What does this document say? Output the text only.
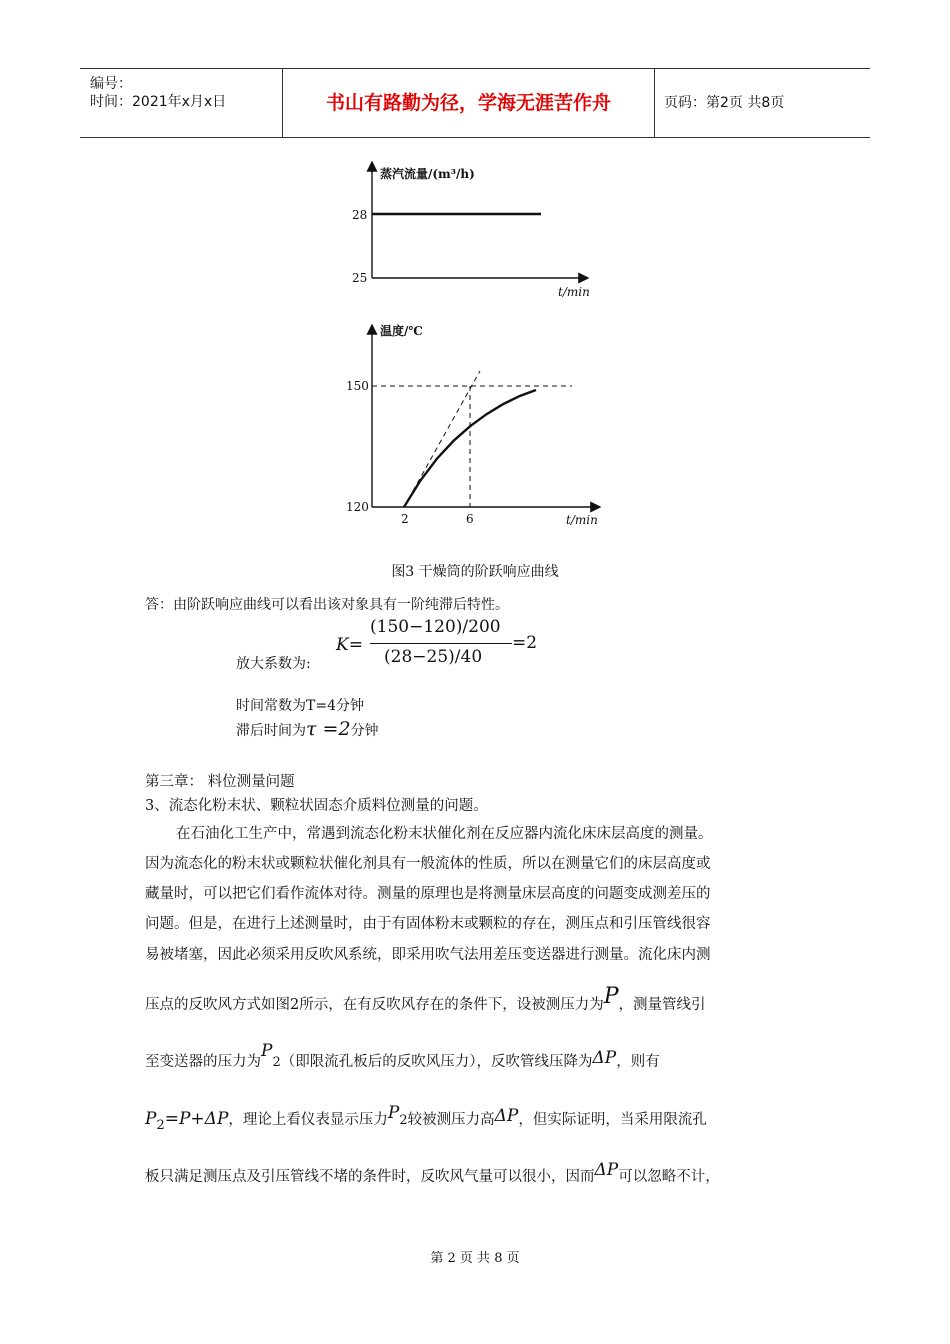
编号：
时间：2021年x月x日	书山有路勤为径，学海无涯苦作舟	页码：第2页 共8页
蒸汽流量/(m³/h)
t/min
28
25
温度/℃
t/min
150
120
2	6
图3 干燥筒的阶跃响应曲线
答：由阶跃响应曲线可以看出该对象具有一阶纯滞后特性。
放大系数为:
K=
(150−120)/200
(28−25)/40
=2
时间常数为T=4分钟
滞后时间为τ =2分钟
第三章： 料位测量问题
3、流态化粉末状、颗粒状固态介质料位测量的问题。
在石油化工生产中，常遇到流态化粉末状催化剂在反应器内流化床床层高度的测量。
因为流态化的粉末状或颗粒状催化剂具有一般流体的性质，所以在测量它们的床层高度或
藏量时，可以把它们看作流体对待。测量的原理也是将测量床层高度的问题变成测差压的
问题。但是，在进行上述测量时，由于有固体粉末或颗粒的存在，测压点和引压管线很容
易被堵塞，因此必须采用反吹风系统，即采用吹气法用差压变送器进行测量。流化床内测
压点的反吹风方式如图2所示，在有反吹风存在的条件下，设被测压力为P，测量管线引
至变送器的压力为P2（即限流孔板后的反吹风压力），反吹管线压降为ΔP，则有
P2=P+ΔP，理论上看仪表显示压力P2较被测压力高ΔP，但实际证明，当采用限流孔
板只满足测压点及引压管线不堵的条件时，反吹风气量可以很小，因而ΔP可以忽略不计，
第 2 页 共 8 页
